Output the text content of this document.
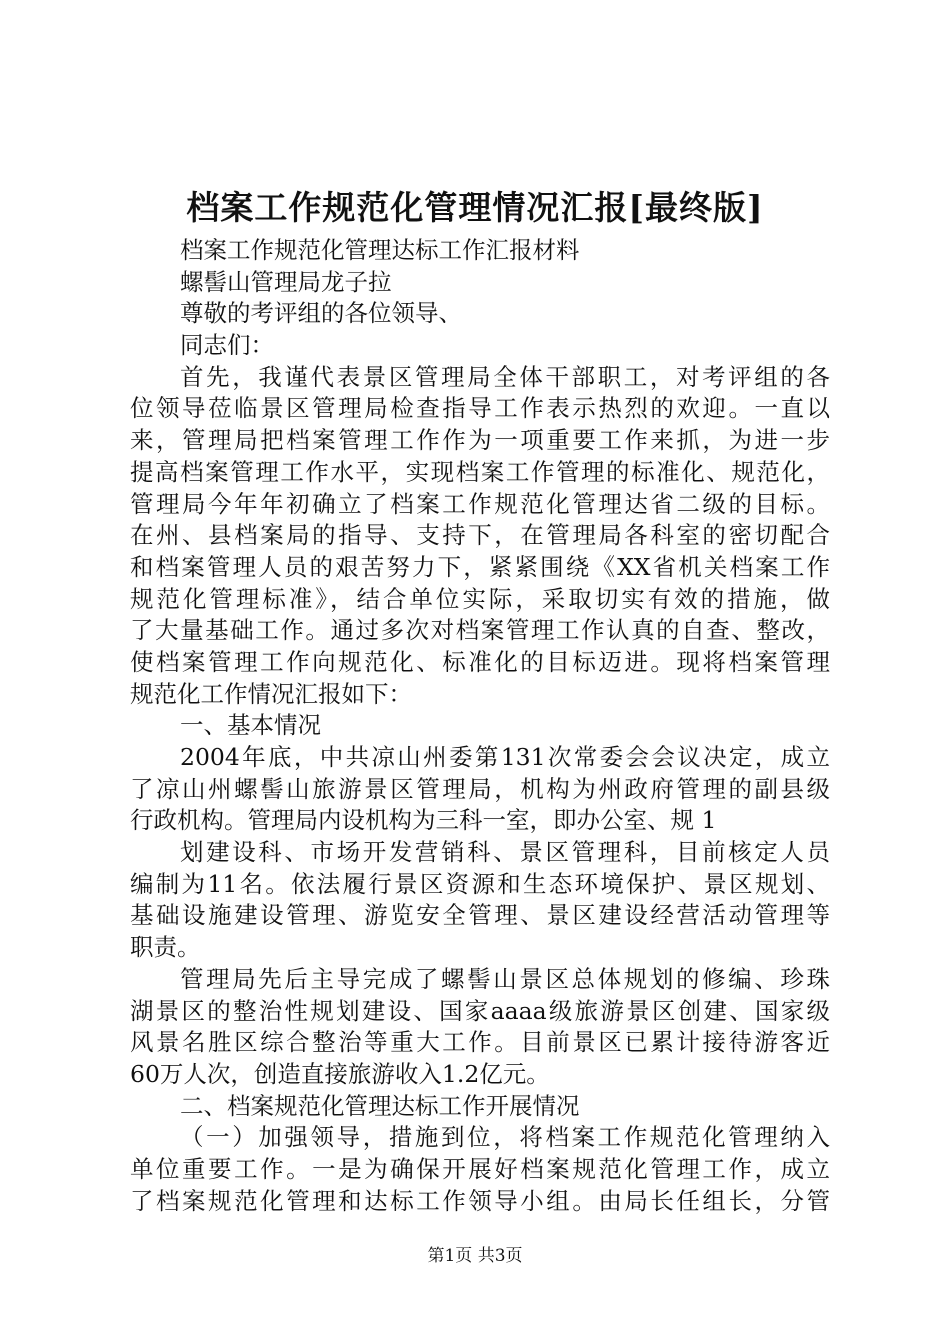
档案工作规范化管理情况汇报[最终版]
档案工作规范化管理达标工作汇报材料
螺髻山管理局龙子拉
尊敬的考评组的各位领导、
同志们：
首先，我谨代表景区管理局全体干部职工，对考评组的各
位领导莅临景区管理局检查指导工作表示热烈的欢迎。一直以
来，管理局把档案管理工作作为一项重要工作来抓，为进一步
提高档案管理工作水平，实现档案工作管理的标准化、规范化，
管理局今年年初确立了档案工作规范化管理达省二级的目标。
在州、县档案局的指导、支持下，在管理局各科室的密切配合
和档案管理人员的艰苦努力下，紧紧围绕《XX省机关档案工作
规范化管理标准》，结合单位实际，采取切实有效的措施，做
了大量基础工作。通过多次对档案管理工作认真的自查、整改，
使档案管理工作向规范化、标准化的目标迈进。现将档案管理
规范化工作情况汇报如下：
一、基本情况
2004年底，中共凉山州委第131次常委会会议决定，成立
了凉山州螺髻山旅游景区管理局，机构为州政府管理的副县级
行政机构。管理局内设机构为三科一室，即办公室、规 1
划建设科、市场开发营销科、景区管理科，目前核定人员
编制为11名。依法履行景区资源和生态环境保护、景区规划、
基础设施建设管理、游览安全管理、景区建设经营活动管理等
职责。
管理局先后主导完成了螺髻山景区总体规划的修编、珍珠
湖景区的整治性规划建设、国家aaaa级旅游景区创建、国家级
风景名胜区综合整治等重大工作。目前景区已累计接待游客近
60万人次，创造直接旅游收入1.2亿元。
二、档案规范化管理达标工作开展情况
（一）加强领导，措施到位，将档案工作规范化管理纳入
单位重要工作。一是为确保开展好档案规范化管理工作，成立
了档案规范化管理和达标工作领导小组。由局长任组长，分管
第1页 共3页
